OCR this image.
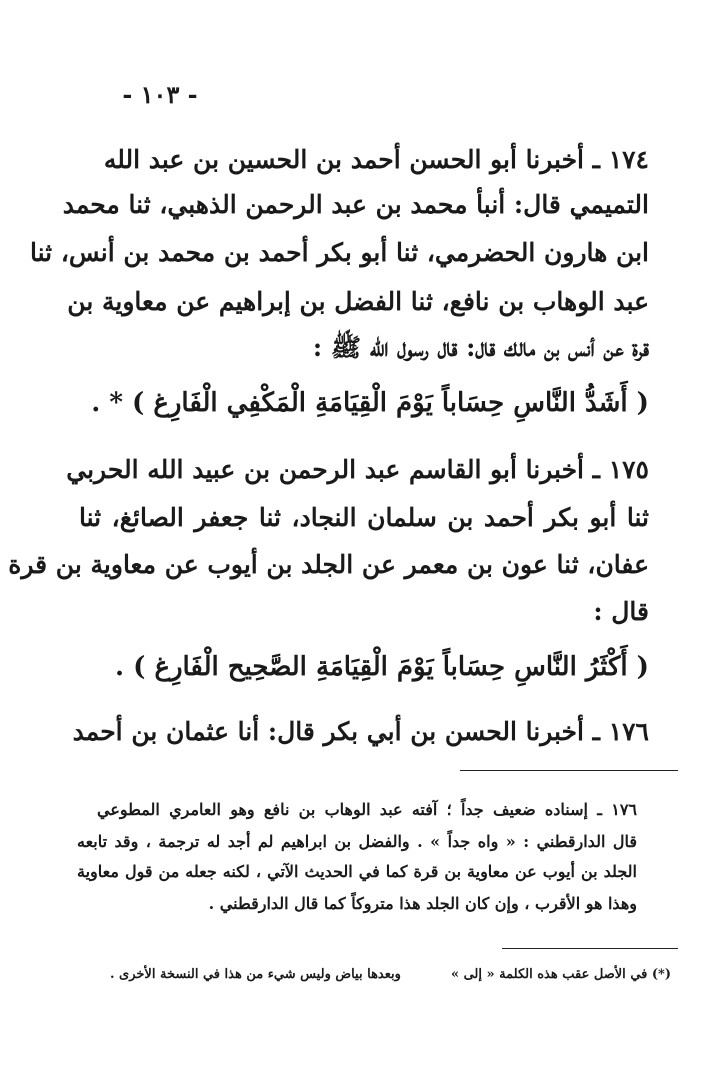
- ١٠٣ -
١٧٤ ـ أخبرنا أبو الحسن أحمد بن الحسين بن عبد الله
التميمي قال: أنبأ محمد بن عبد الرحمن الذهبي، ثنا محمد
ابن هارون الحضرمي، ثنا أبو بكر أحمد بن محمد بن أنس، ثنا
عبد الوهاب بن نافع، ثنا الفضل بن إبراهيم عن معاوية بن
قرة عن أنس بن مالك قال: قال رسول الله ﷺ :
( أَشَدُّ النَّاسِ حِسَاباً يَوْمَ الْقِيَامَةِ الْمَكْفِي الْفَارِغ ) * .
١٧٥ ـ أخبرنا أبو القاسم عبد الرحمن بن عبيد الله الحربي
ثنا أبو بكر أحمد بن سلمان النجاد، ثنا جعفر الصائغ، ثنا
عفان، ثنا عون بن معمر عن الجلد بن أيوب عن معاوية بن قرة
قال :
( أَكْثَرُ النَّاسِ حِسَاباً يَوْمَ الْقِيَامَةِ الصَّحِيح الْفَارِغ ) .
١٧٦ ـ أخبرنا الحسن بن أبي بكر قال: أنا عثمان بن أحمد
١٧٦ ـ إسناده ضعيف جداً ؛ آفته عبد الوهاب بن نافع وهو العامري المطوعي
قال الدارقطني : « واه جداً » . والفضل بن ابراهيم لم أجد له ترجمة ، وقد تابعه
الجلد بن أيوب عن معاوية بن قرة كما في الحديث الآتي ، لكنه جعله من قول معاوية
وهذا هو الأقرب ، وإن كان الجلد هذا متروكاً كما قال الدارقطني .
(*) في الأصل عقب هذه الكلمة « إلى »
وبعدها بياض وليس شيء من هذا في النسخة الأخرى .
